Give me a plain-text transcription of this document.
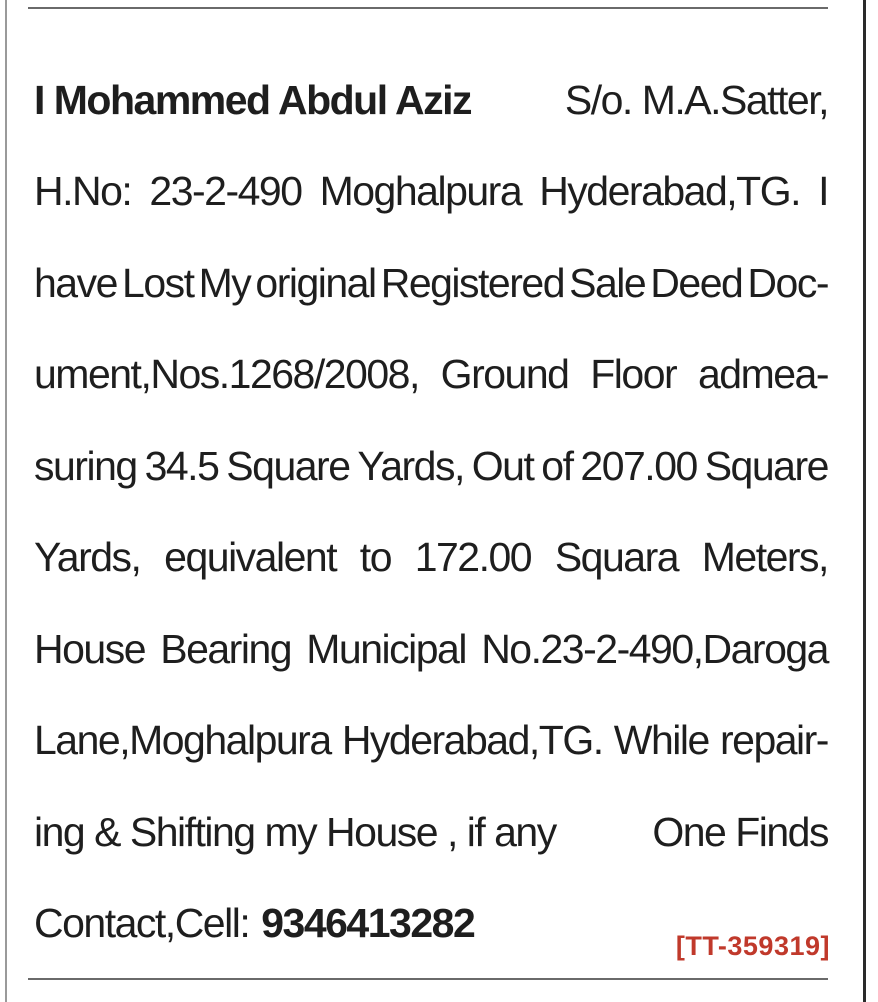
I Mohammed Abdul Aziz S/o. M.A.Satter,
H.No: 23-2-490 Moghalpura Hyderabad,TG. I
have Lost My original Registered Sale Deed Doc-
ument,Nos.1268/2008, Ground Floor admea-
suring 34.5 Square Yards, Out of 207.00 Square
Yards, equivalent to 172.00 Squara Meters,
House Bearing Municipal No.23-2-490,Daroga
Lane,Moghalpura Hyderabad,TG. While repair-
ing & Shifting my House , if any One Finds
Contact,Cell: 9346413282	[TT-359319]
